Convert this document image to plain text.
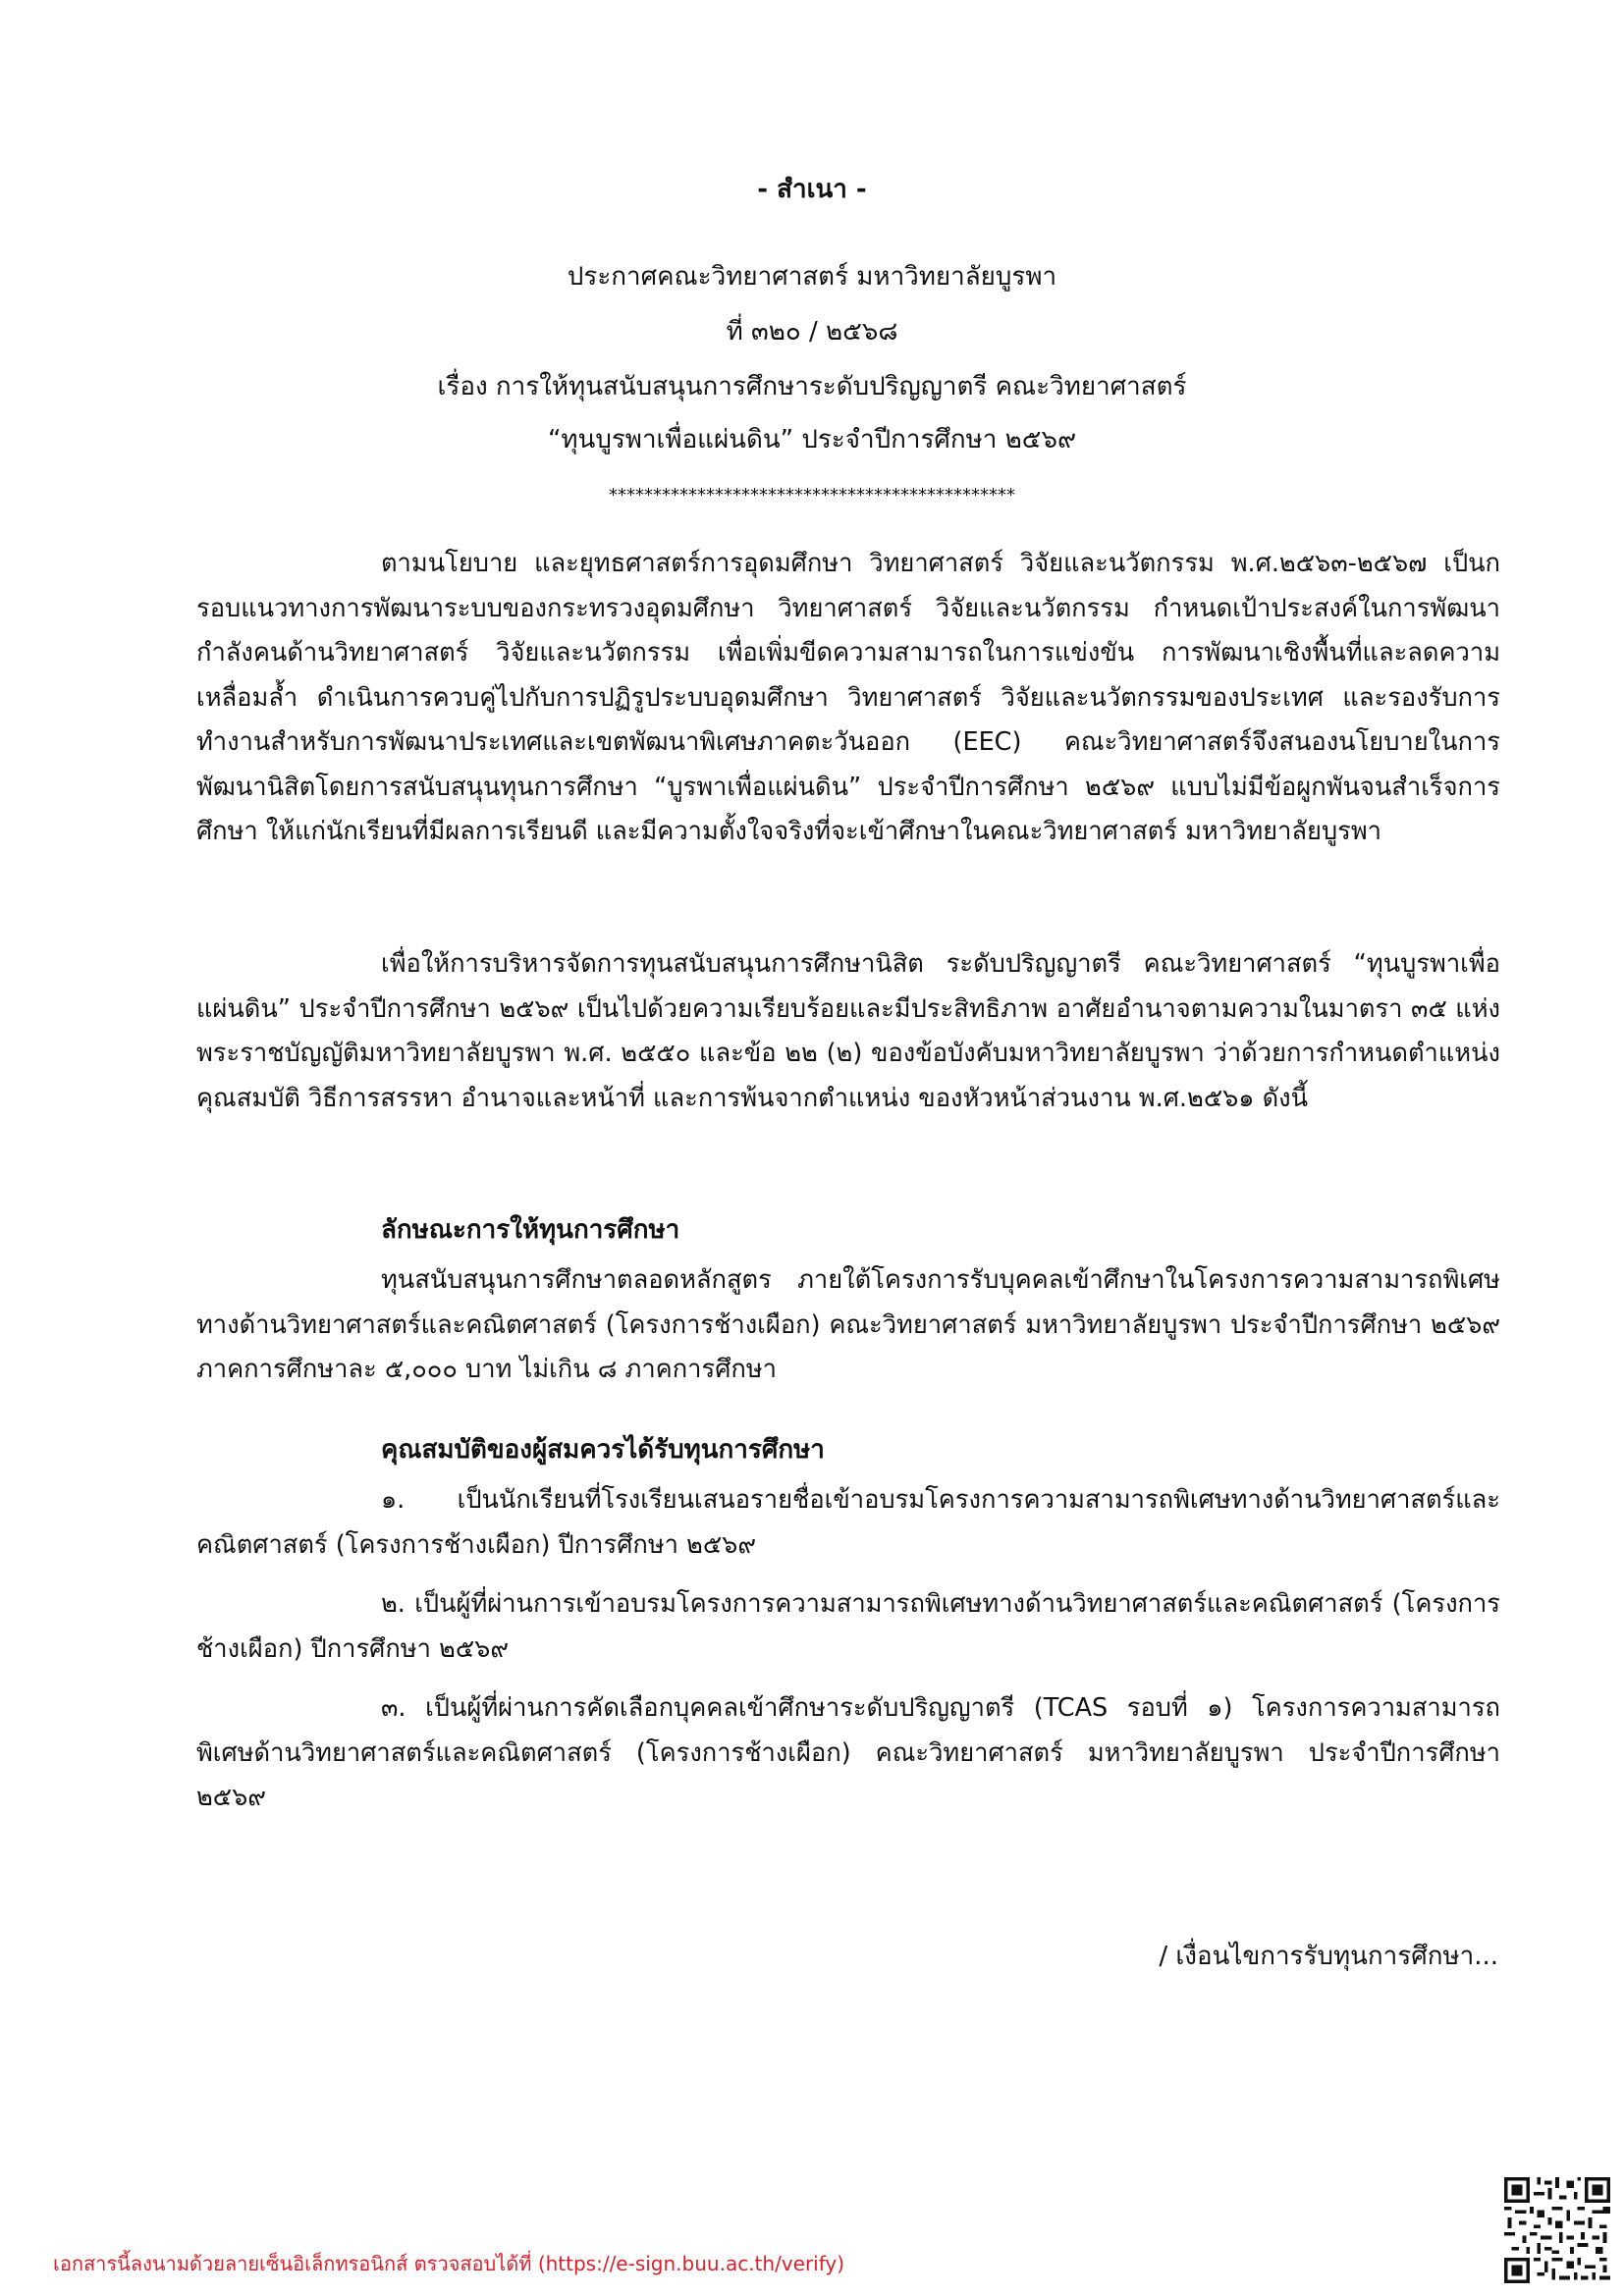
- สำเนา -
ประกาศคณะวิทยาศาสตร์ มหาวิทยาลัยบูรพา
ที่ ๓๒๐ / ๒๕๖๘
เรื่อง การให้ทุนสนับสนุนการศึกษาระดับปริญญาตรี คณะวิทยาศาสตร์
“ทุนบูรพาเพื่อแผ่นดิน” ประจำปีการศึกษา ๒๕๖๙
**********************************************

ตามนโยบาย และยุทธศาสตร์การอุดมศึกษา วิทยาศาสตร์ วิจัยและนวัตกรรม พ.ศ.๒๕๖๓-๒๕๖๗ เป็นกรอบแนวทางการพัฒนาระบบของกระทรวงอุดมศึกษา วิทยาศาสตร์ วิจัยและนวัตกรรม กำหนดเป้าประสงค์ในการพัฒนากำลังคนด้านวิทยาศาสตร์ วิจัยและนวัตกรรม เพื่อเพิ่มขีดความสามารถในการแข่งขัน การพัฒนาเชิงพื้นที่และลดความเหลื่อมล้ำ ดำเนินการควบคู่ไปกับการปฏิรูประบบอุดมศึกษา วิทยาศาสตร์ วิจัยและนวัตกรรมของประเทศ และรองรับการทำงานสำหรับการพัฒนาประเทศและเขตพัฒนาพิเศษภาคตะวันออก (EEC) คณะวิทยาศาสตร์จึงสนองนโยบายในการพัฒนานิสิตโดยการสนับสนุนทุนการศึกษา “บูรพาเพื่อแผ่นดิน” ประจำปีการศึกษา ๒๕๖๙ แบบไม่มีข้อผูกพันจนสำเร็จการศึกษา ให้แก่นักเรียนที่มีผลการเรียนดี และมีความตั้งใจจริงที่จะเข้าศึกษาในคณะวิทยาศาสตร์ มหาวิทยาลัยบูรพา

เพื่อให้การบริหารจัดการทุนสนับสนุนการศึกษานิสิต ระดับปริญญาตรี คณะวิทยาศาสตร์ “ทุนบูรพาเพื่อแผ่นดิน” ประจำปีการศึกษา ๒๕๖๙ เป็นไปด้วยความเรียบร้อยและมีประสิทธิภาพ อาศัยอำนาจตามความในมาตรา ๓๕ แห่งพระราชบัญญัติมหาวิทยาลัยบูรพา พ.ศ. ๒๕๕๐ และข้อ ๒๒ (๒) ของข้อบังคับมหาวิทยาลัยบูรพา ว่าด้วยการกำหนดตำแหน่ง คุณสมบัติ วิธีการสรรหา อำนาจและหน้าที่ และการพ้นจากตำแหน่ง ของหัวหน้าส่วนงาน พ.ศ.๒๕๖๑ ดังนี้

ลักษณะการให้ทุนการศึกษา

ทุนสนับสนุนการศึกษาตลอดหลักสูตร ภายใต้โครงการรับบุคคลเข้าศึกษาในโครงการความสามารถพิเศษทางด้านวิทยาศาสตร์และคณิตศาสตร์ (โครงการช้างเผือก) คณะวิทยาศาสตร์ มหาวิทยาลัยบูรพา ประจำปีการศึกษา ๒๕๖๙ ภาคการศึกษาละ ๕,๐๐๐ บาท ไม่เกิน ๘ ภาคการศึกษา

คุณสมบัติของผู้สมควรได้รับทุนการศึกษา

๑. เป็นนักเรียนที่โรงเรียนเสนอรายชื่อเข้าอบรมโครงการความสามารถพิเศษทางด้านวิทยาศาสตร์และคณิตศาสตร์ (โครงการช้างเผือก) ปีการศึกษา ๒๕๖๙

๒. เป็นผู้ที่ผ่านการเข้าอบรมโครงการความสามารถพิเศษทางด้านวิทยาศาสตร์และคณิตศาสตร์ (โครงการช้างเผือก) ปีการศึกษา ๒๕๖๙

๓. เป็นผู้ที่ผ่านการคัดเลือกบุคคลเข้าศึกษาระดับปริญญาตรี (TCAS รอบที่ ๑) โครงการความสามารถพิเศษด้านวิทยาศาสตร์และคณิตศาสตร์ (โครงการช้างเผือก) คณะวิทยาศาสตร์ มหาวิทยาลัยบูรพา ประจำปีการศึกษา ๒๕๖๙

/ เงื่อนไขการรับทุนการศึกษา...
เอกสารนี้ลงนามด้วยลายเซ็นอิเล็กทรอนิกส์ ตรวจสอบได้ที่ (https://e-sign.buu.ac.th/verify)
